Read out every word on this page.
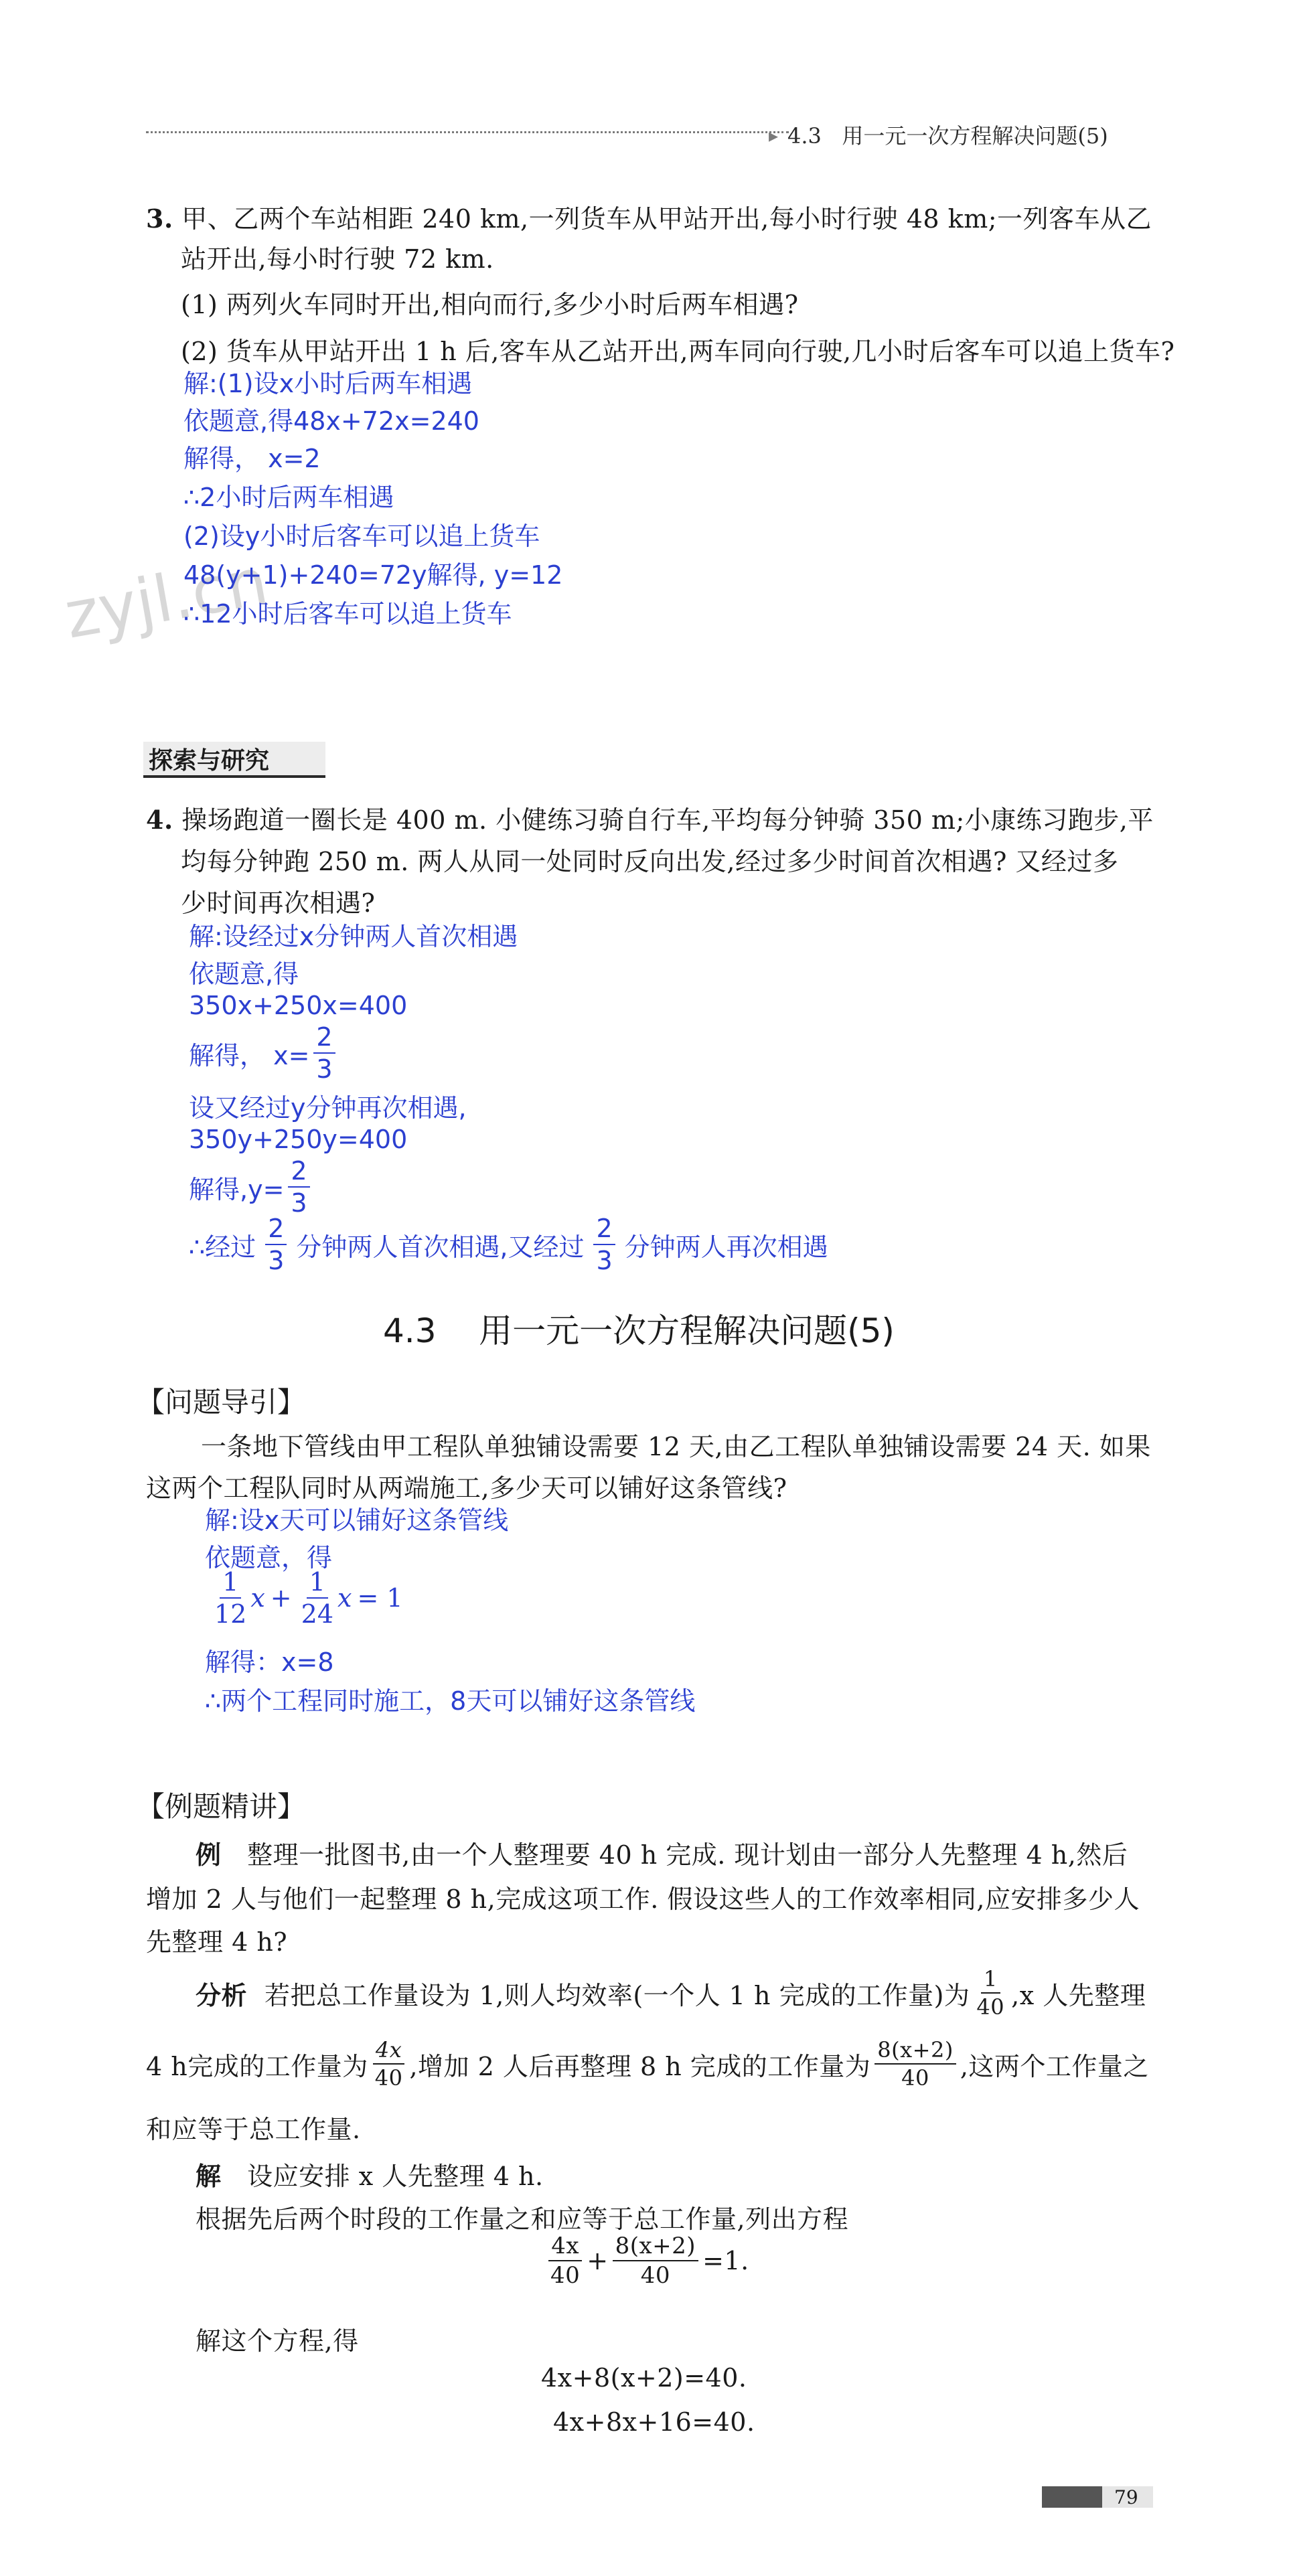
▸ 4.3 用一元一次方程解决问题(5)
zyjl.cn
3. 甲、乙两个车站相距 240 km,一列货车从甲站开出,每小时行驶 48 km;一列客车从乙
站开出,每小时行驶 72 km.
(1) 两列火车同时开出,相向而行,多少小时后两车相遇?
(2) 货车从甲站开出 1 h 后,客车从乙站开出,两车同向行驶,几小时后客车可以追上货车?
解:(1)设x小时后两车相遇
依题意,得48x+72x=240
解得， x=2
∴2小时后两车相遇
(2)设y小时后客车可以追上货车
48(y+1)+240=72y解得, y=12
∴12小时后客车可以追上货车
探索与研究
4. 操场跑道一圈长是 400 m. 小健练习骑自行车,平均每分钟骑 350 m;小康练习跑步,平
均每分钟跑 250 m. 两人从同一处同时反向出发,经过多少时间首次相遇? 又经过多
少时间再次相遇?
解:设经过x分钟两人首次相遇
依题意,得
350x+250x=400
解得， $x= \frac{2}{3}$
设又经过y分钟再次相遇,
350y+250y=400
解得$,y= \frac{2}{3}$
∴经过 $\frac{2}{3}$ 分钟两人首次相遇,又经过 $\frac{2}{3}$ 分钟两人再次相遇
4.3 用一元一次方程解决问题(5)
【问题导引】
一条地下管线由甲工程队单独铺设需要 12 天,由乙工程队单独铺设需要 24 天. 如果
这两个工程队同时从两端施工,多少天可以铺好这条管线?
解:设x天可以铺好这条管线
依题意，得
$\frac{1}{12}$ $x + \frac{1}{24}$ x = 1
解得：x=8
∴两个工程同时施工，8天可以铺好这条管线
【例题精讲】
例 整理一批图书,由一个人整理要 40 h 完成. 现计划由一部分人先整理 4 h,然后
增加 2 人与他们一起整理 8 h,完成这项工作. 假设这些人的工作效率相同,应安排多少人
先整理 4 h?
分析 若把总工作量设为 1,则人均效率(一个人 1 h 完成的工作量)为 $\frac{1}{40} ,x$ 人先整理
4 h完成的工作量为 $\frac{4x}{40}$ ,增加 2 人后再整理 8 h 完成的工作量为 $\frac{8(x+2)}{40}$ ,这两个工作量之
和应等于总工作量.
解 设应安排 x 人先整理 4 h.
根据先后两个时段的工作量之和应等于总工作量,列出方程
$\frac{4x}{40} + \frac{8(x+2)}{40} =1$.
解这个方程,得
4x+8(x+2)=40.
4x+8x+16=40.
79
